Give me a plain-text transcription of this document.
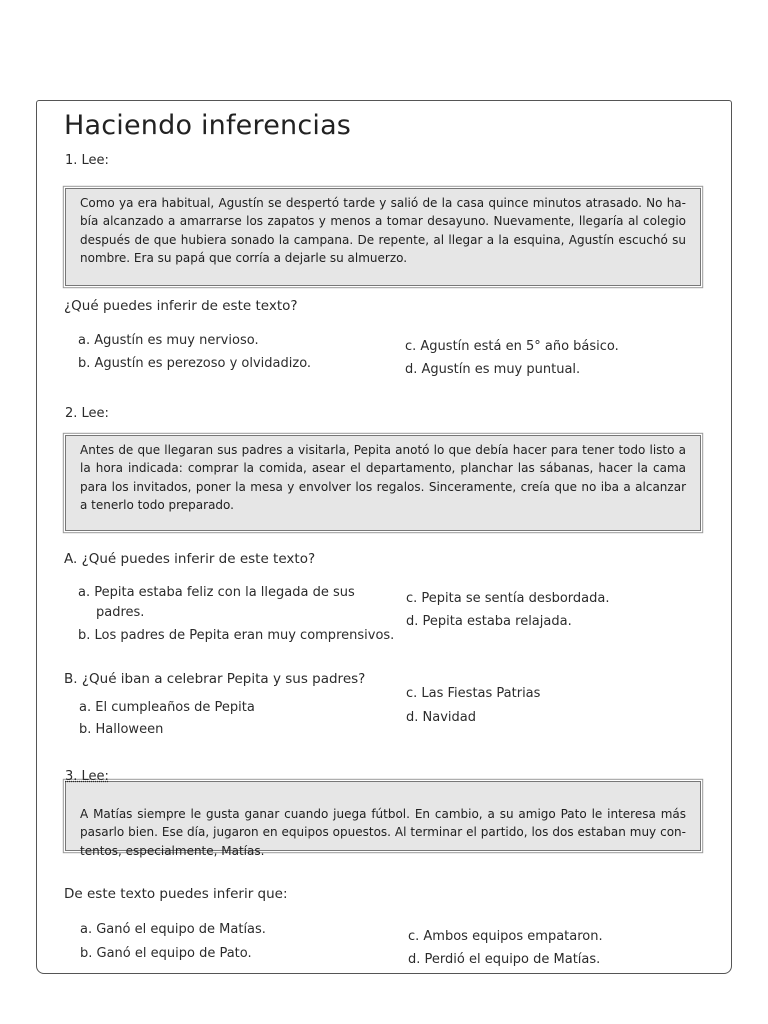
Haciendo inferencias
1. Lee:
Como ya era habitual, Agustín se despertó tarde y salió de la casa quince minutos atrasado. No ha- bía alcanzado a amarrarse los zapatos y menos a tomar desayuno. Nuevamente, llegaría al colegio después de que hubiera sonado la campana. De repente, al llegar a la esquina, Agustín escuchó su nombre. Era su papá que corría a dejarle su almuerzo.
¿Qué puedes inferir de este texto?
a. Agustín es muy nervioso.
b. Agustín es perezoso y olvidadizo.
c. Agustín está en 5° año básico.
d. Agustín es muy puntual.
2. Lee:
Antes de que llegaran sus padres a visitarla, Pepita anotó lo que debía hacer para tener todo listo a la hora indicada: comprar la comida, asear el departamento, planchar las sábanas, hacer la cama para los invitados, poner la mesa y envolver los regalos. Sinceramente, creía que no iba a alcanzar a tenerlo todo preparado.
A. ¿Qué puedes inferir de este texto?
a. Pepita estaba feliz con la llegada de sus
padres.
b. Los padres de Pepita eran muy comprensivos.
c. Pepita se sentía desbordada.
d. Pepita estaba relajada.
B. ¿Qué iban a celebrar Pepita y sus padres?
a. El cumpleaños de Pepita
b. Halloween
c. Las Fiestas Patrias
d. Navidad
A Matías siempre le gusta ganar cuando juega fútbol. En cambio, a su amigo Pato le interesa más pasarlo bien. Ese día, jugaron en equipos opuestos. Al terminar el partido, los dos estaban muy con- tentos, especialmente, Matías.
3. Lee:
De este texto puedes inferir que:
a. Ganó el equipo de Matías.
b. Ganó el equipo de Pato.
c. Ambos equipos empataron.
d. Perdió el equipo de Matías.
